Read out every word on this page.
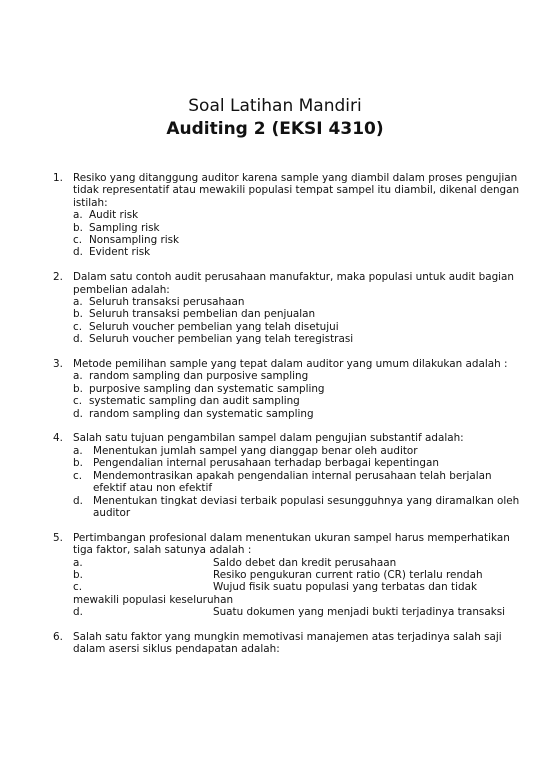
Soal Latihan Mandiri
Auditing 2 (EKSI 4310)
1. Resiko yang ditanggung auditor karena sample yang diambil dalam proses pengujian tidak representatif atau mewakili populasi tempat sampel itu diambil, dikenal dengan istilah:
a. Audit risk
b. Sampling risk
c. Nonsampling risk
d. Evident risk
2. Dalam satu contoh audit perusahaan manufaktur, maka populasi untuk audit bagian pembelian adalah:
a. Seluruh transaksi perusahaan
b. Seluruh transaksi pembelian dan penjualan
c. Seluruh voucher pembelian yang telah disetujui
d. Seluruh voucher pembelian yang telah teregistrasi
3. Metode pemilihan sample yang tepat dalam auditor yang umum dilakukan adalah :
a. random sampling dan purposive sampling
b. purposive sampling dan systematic sampling
c. systematic sampling dan audit sampling
d. random sampling dan systematic sampling
4. Salah satu tujuan pengambilan sampel dalam pengujian substantif adalah:
a. Menentukan jumlah sampel yang dianggap benar oleh auditor
b. Pengendalian internal perusahaan terhadap berbagai kepentingan
c. Mendemontrasikan apakah pengendalian internal perusahaan telah berjalan efektif atau non efektif
d. Menentukan tingkat deviasi terbaik populasi sesungguhnya yang diramalkan oleh auditor
5. Pertimbangan profesional dalam menentukan ukuran sampel harus memperhatikan tiga faktor, salah satunya adalah :
a.	Saldo debet dan kredit perusahaan
b.	Resiko pengukuran current ratio (CR) terlalu rendah
c.	Wujud fisik suatu populasi yang terbatas dan tidak mewakili populasi keseluruhan
d.	Suatu dokumen yang menjadi bukti terjadinya transaksi
6. Salah satu faktor yang mungkin memotivasi manajemen atas terjadinya salah saji dalam asersi siklus pendapatan adalah:
